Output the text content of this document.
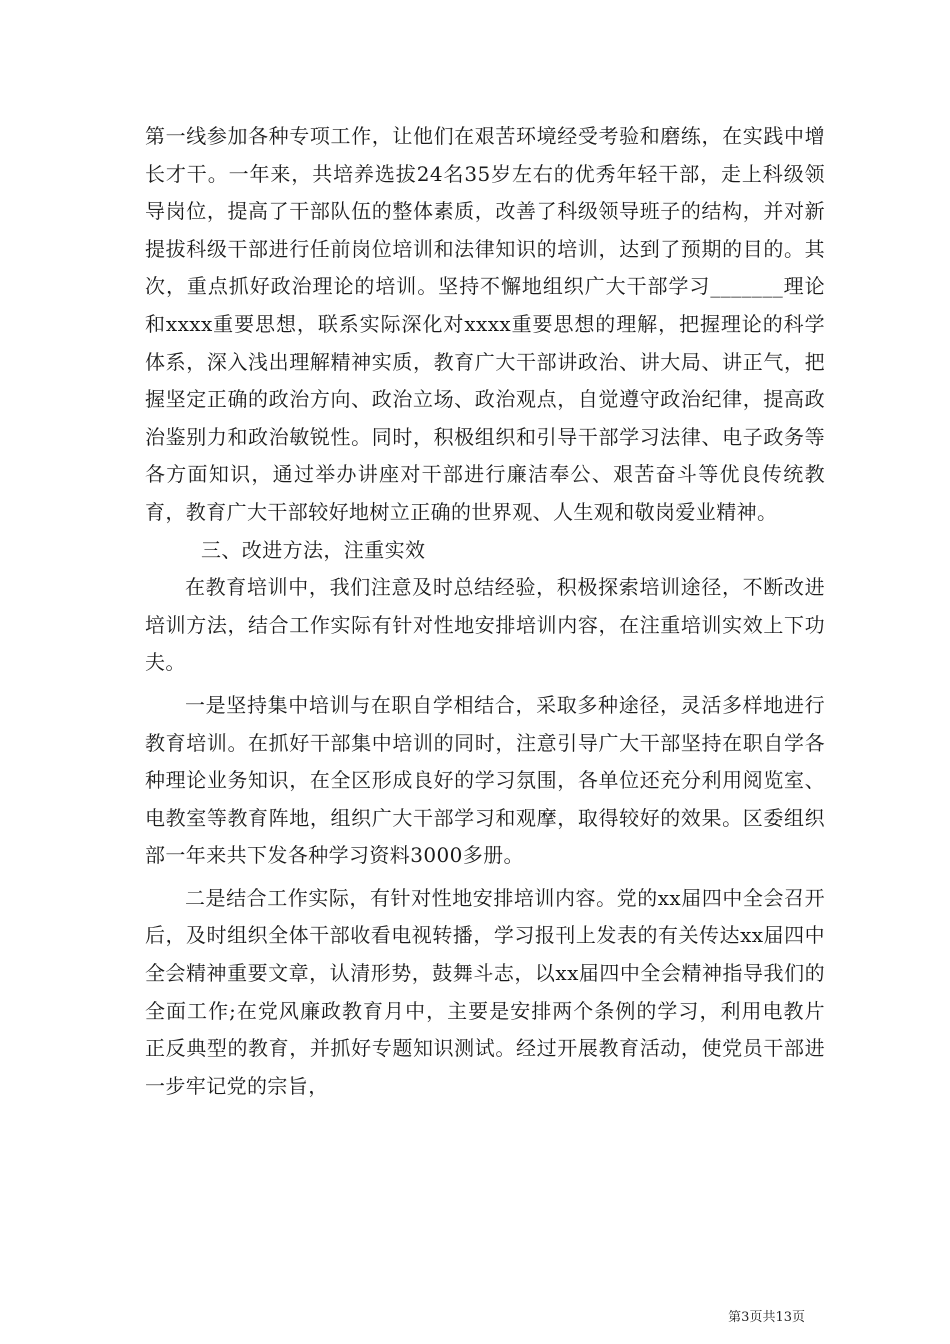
第一线参加各种专项工作，让他们在艰苦环境经受考验和磨练，在实践中增长才干。一年来，共培养选拔24名35岁左右的优秀年轻干部，走上科级领导岗位，提高了干部队伍的整体素质，改善了科级领导班子的结构，并对新提拔科级干部进行任前岗位培训和法律知识的培训，达到了预期的目的。其次，重点抓好政治理论的培训。坚持不懈地组织广大干部学习_______理论和xxxx重要思想，联系实际深化对xxxx重要思想的理解，把握理论的科学体系，深入浅出理解精神实质，教育广大干部讲政治、讲大局、讲正气，把握坚定正确的政治方向、政治立场、政治观点，自觉遵守政治纪律，提高政治鉴别力和政治敏锐性。同时，积极组织和引导干部学习法律、电子政务等各方面知识，通过举办讲座对干部进行廉洁奉公、艰苦奋斗等优良传统教育，教育广大干部较好地树立正确的世界观、人生观和敬岗爱业精神。

三、改进方法，注重实效

在教育培训中，我们注意及时总结经验，积极探索培训途径，不断改进培训方法，结合工作实际有针对性地安排培训内容，在注重培训实效上下功夫。

一是坚持集中培训与在职自学相结合，采取多种途径，灵活多样地进行教育培训。在抓好干部集中培训的同时，注意引导广大干部坚持在职自学各种理论业务知识，在全区形成良好的学习氛围，各单位还充分利用阅览室、电教室等教育阵地，组织广大干部学习和观摩，取得较好的效果。区委组织部一年来共下发各种学习资料3000多册。

二是结合工作实际，有针对性地安排培训内容。党的xx届四中全会召开后，及时组织全体干部收看电视转播，学习报刊上发表的有关传达xx届四中全会精神重要文章，认清形势，鼓舞斗志，以xx届四中全会精神指导我们的全面工作;在党风廉政教育月中，主要是安排两个条例的学习，利用电教片正反典型的教育，并抓好专题知识测试。经过开展教育活动，使党员干部进一步牢记党的宗旨，

第3页共13页
